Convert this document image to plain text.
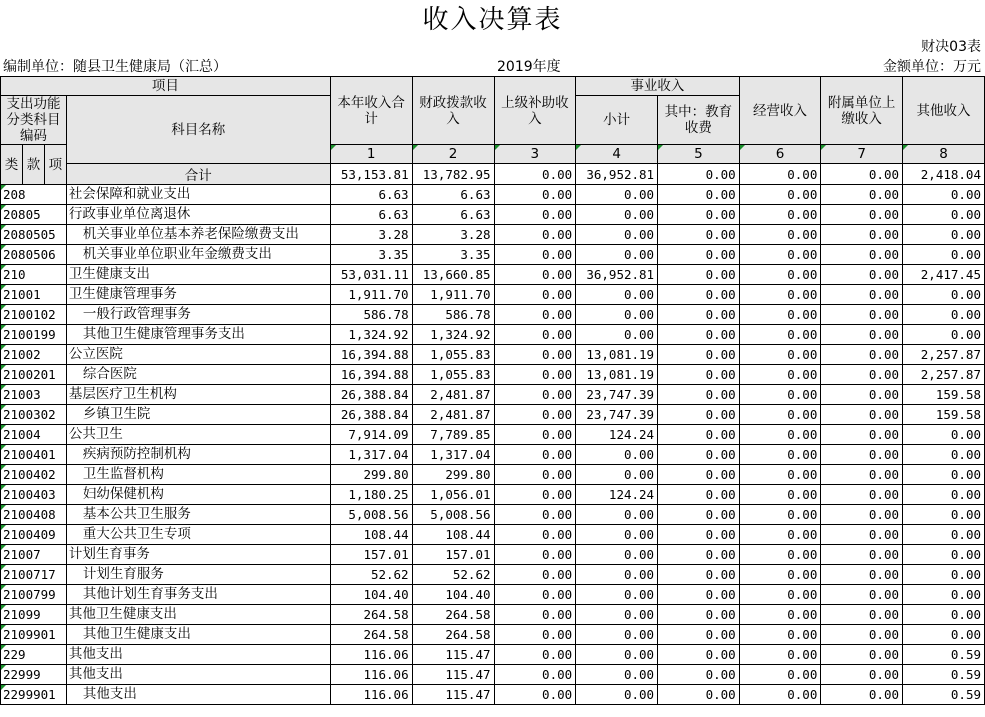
收入决算表
财决03表
编制单位：随县卫生健康局（汇总）	2019年度	金额单位：万元
项目				本年收入合计	财政拨款收入	上级补助收入	事业收入		经营收入	附属单位上缴收入	其他收入
支出功能分类科目编码			科目名称				小计	其中：教育收费			

类	款	项		1	2	3	4	5	6	7	8
			合计	53,153.81	13,782.95	0.00	36,952.81	0.00	0.00	0.00	2,418.04
208			社会保障和就业支出	6.63	6.63	0.00	0.00	0.00	0.00	0.00	0.00
20805			行政事业单位离退休	6.63	6.63	0.00	0.00	0.00	0.00	0.00	0.00
2080505			机关事业单位基本养老保险缴费支出	3.28	3.28	0.00	0.00	0.00	0.00	0.00	0.00
2080506			机关事业单位职业年金缴费支出	3.35	3.35	0.00	0.00	0.00	0.00	0.00	0.00
210			卫生健康支出	53,031.11	13,660.85	0.00	36,952.81	0.00	0.00	0.00	2,417.45
21001			卫生健康管理事务	1,911.70	1,911.70	0.00	0.00	0.00	0.00	0.00	0.00
2100102			一般行政管理事务	586.78	586.78	0.00	0.00	0.00	0.00	0.00	0.00
2100199			其他卫生健康管理事务支出	1,324.92	1,324.92	0.00	0.00	0.00	0.00	0.00	0.00
21002			公立医院	16,394.88	1,055.83	0.00	13,081.19	0.00	0.00	0.00	2,257.87
2100201			综合医院	16,394.88	1,055.83	0.00	13,081.19	0.00	0.00	0.00	2,257.87
21003			基层医疗卫生机构	26,388.84	2,481.87	0.00	23,747.39	0.00	0.00	0.00	159.58
2100302			乡镇卫生院	26,388.84	2,481.87	0.00	23,747.39	0.00	0.00	0.00	159.58
21004			公共卫生	7,914.09	7,789.85	0.00	124.24	0.00	0.00	0.00	0.00
2100401			疾病预防控制机构	1,317.04	1,317.04	0.00	0.00	0.00	0.00	0.00	0.00
2100402			卫生监督机构	299.80	299.80	0.00	0.00	0.00	0.00	0.00	0.00
2100403			妇幼保健机构	1,180.25	1,056.01	0.00	124.24	0.00	0.00	0.00	0.00
2100408			基本公共卫生服务	5,008.56	5,008.56	0.00	0.00	0.00	0.00	0.00	0.00
2100409			重大公共卫生专项	108.44	108.44	0.00	0.00	0.00	0.00	0.00	0.00
21007			计划生育事务	157.01	157.01	0.00	0.00	0.00	0.00	0.00	0.00
2100717			计划生育服务	52.62	52.62	0.00	0.00	0.00	0.00	0.00	0.00
2100799			其他计划生育事务支出	104.40	104.40	0.00	0.00	0.00	0.00	0.00	0.00
21099			其他卫生健康支出	264.58	264.58	0.00	0.00	0.00	0.00	0.00	0.00
2109901			其他卫生健康支出	264.58	264.58	0.00	0.00	0.00	0.00	0.00	0.00
229			其他支出	116.06	115.47	0.00	0.00	0.00	0.00	0.00	0.59
22999			其他支出	116.06	115.47	0.00	0.00	0.00	0.00	0.00	0.59
2299901			其他支出	116.06	115.47	0.00	0.00	0.00	0.00	0.00	0.59
